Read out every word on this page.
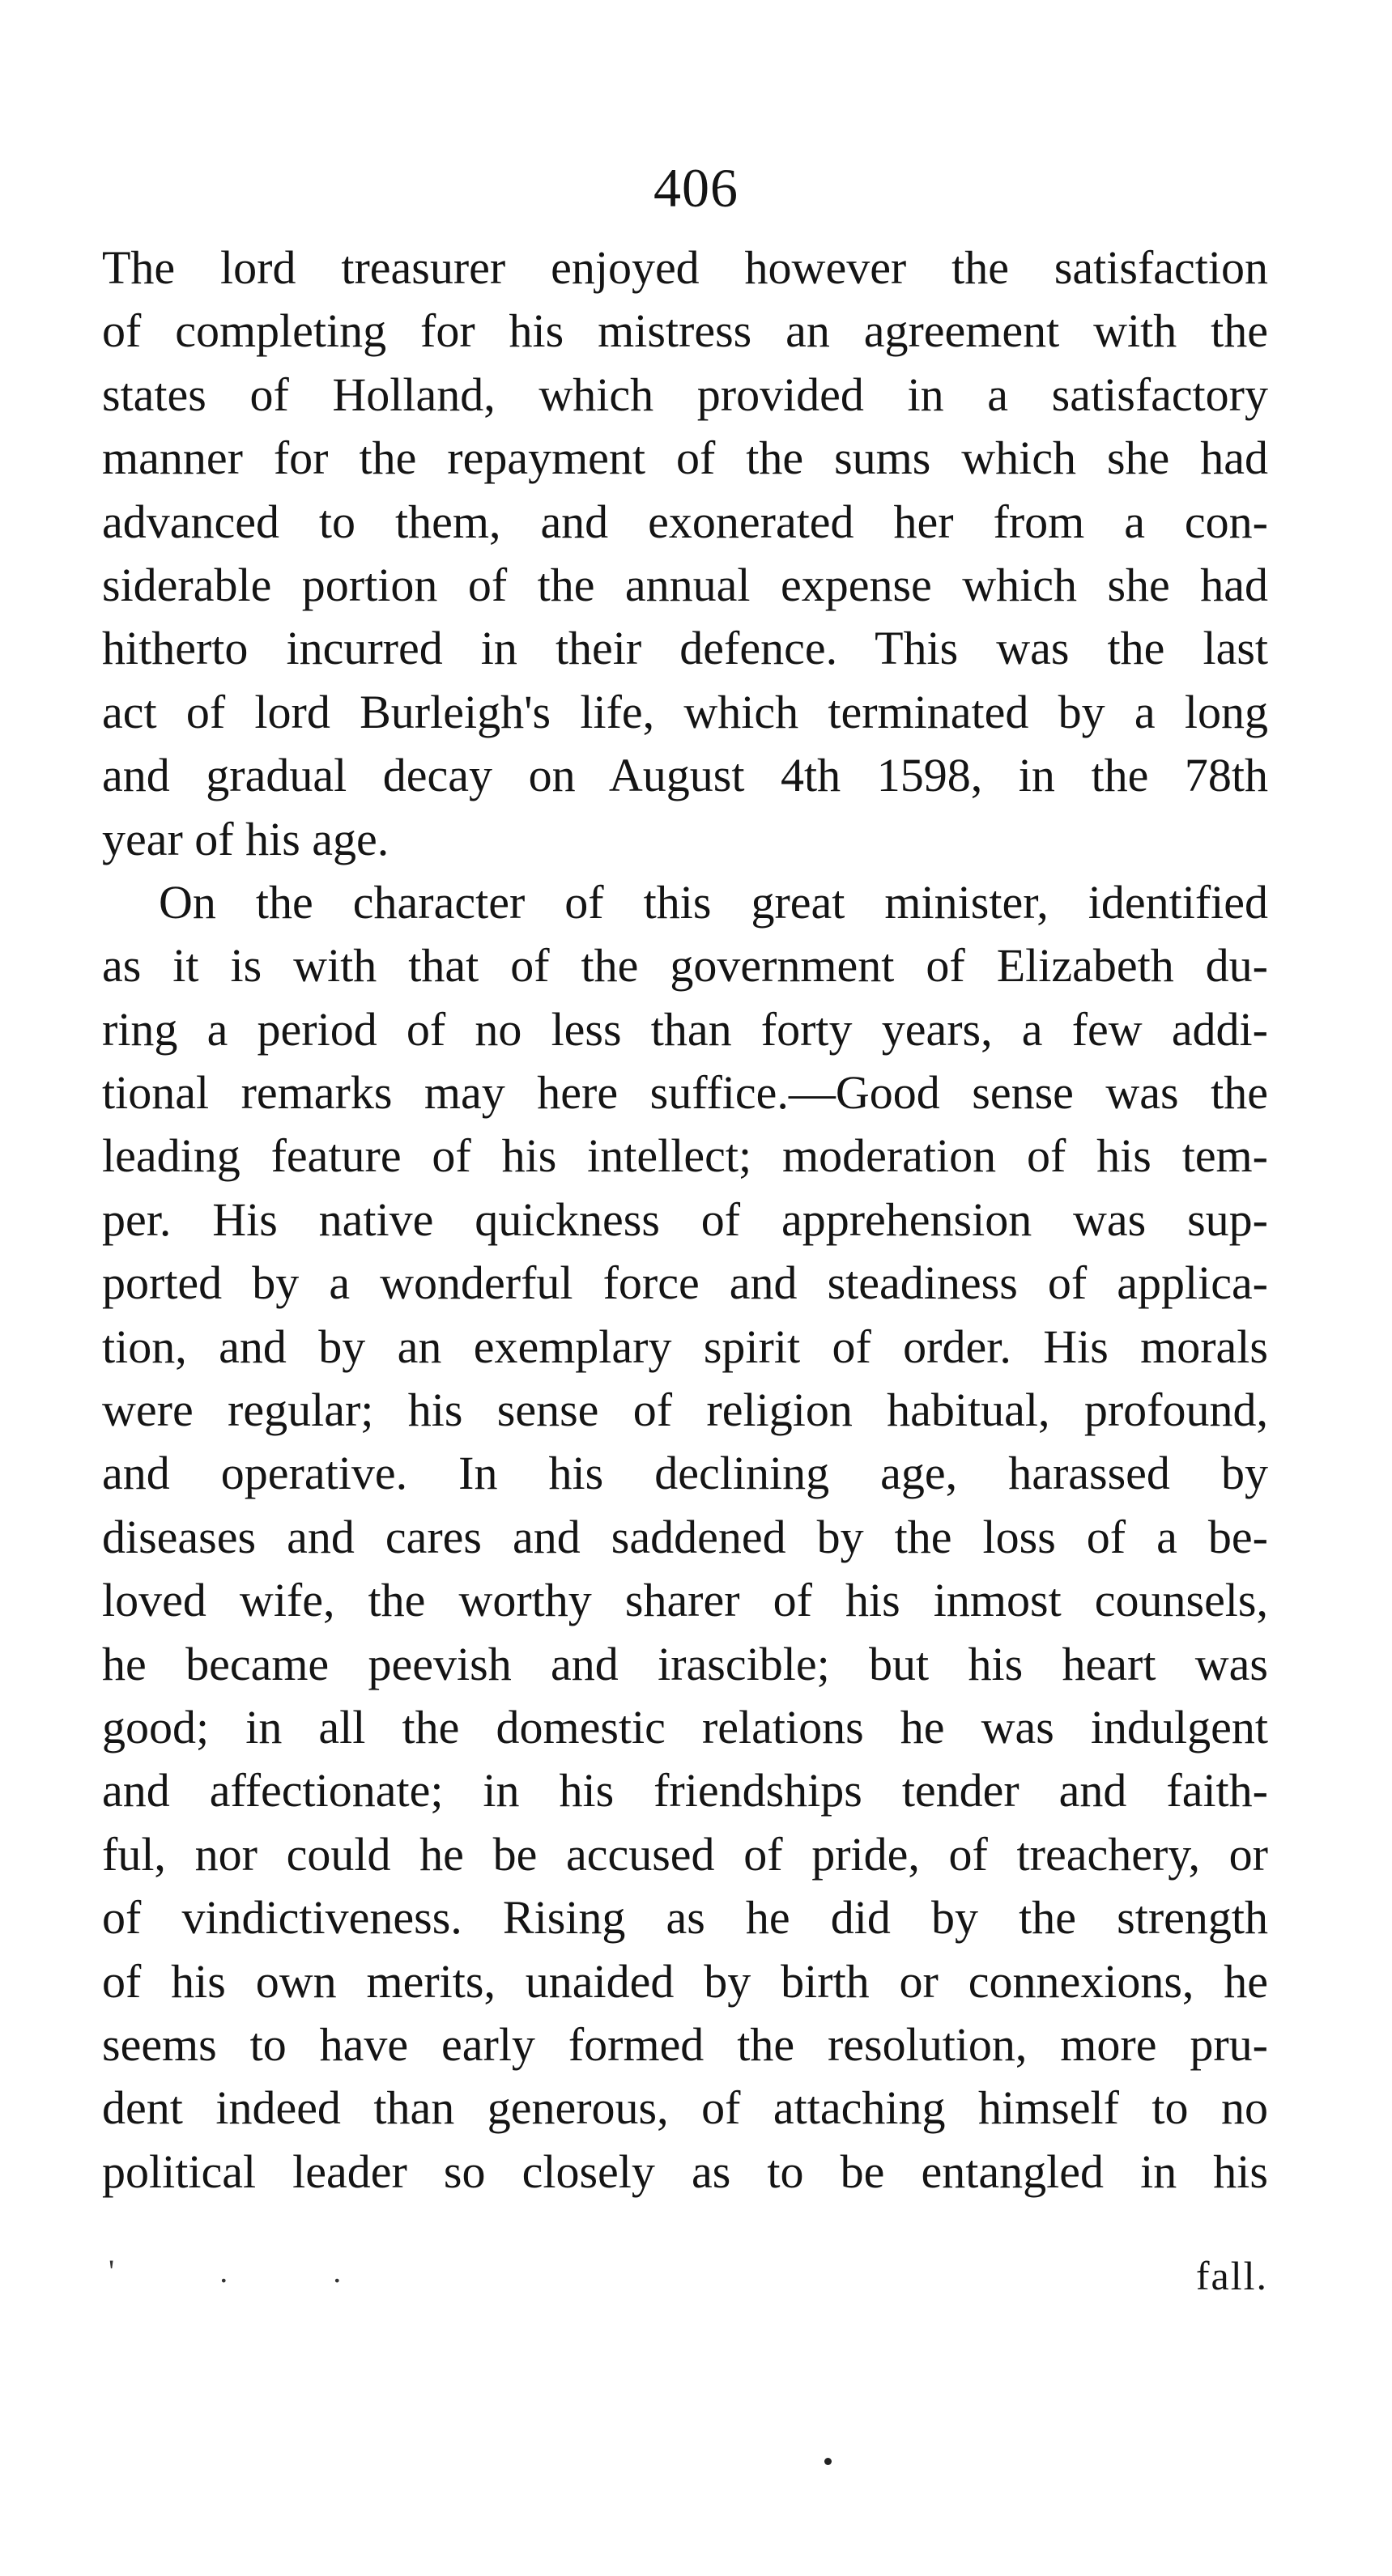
406
The lord treasurer enjoyed however the satisfaction
of completing for his mistress an agreement with the
states of Holland, which provided in a satisfactory
manner for the repayment of the sums which she had
advanced to them, and exonerated her from a con-
siderable portion of the annual expense which she had
hitherto incurred in their defence. This was the last
act of lord Burleigh's life, which terminated by a long
and gradual decay on August 4th 1598, in the 78th
year of his age.
On the character of this great minister, identified
as it is with that of the government of Elizabeth du-
ring a period of no less than forty years, a few addi-
tional remarks may here suffice.—Good sense was the
leading feature of his intellect; moderation of his tem-
per. His native quickness of apprehension was sup-
ported by a wonderful force and steadiness of applica-
tion, and by an exemplary spirit of order. His morals
were regular; his sense of religion habitual, profound,
and operative. In his declining age, harassed by
diseases and cares and saddened by the loss of a be-
loved wife, the worthy sharer of his inmost counsels,
he became peevish and irascible; but his heart was
good; in all the domestic relations he was indulgent
and affectionate; in his friendships tender and faith-
ful, nor could he be accused of pride, of treachery, or
of vindictiveness. Rising as he did by the strength
of his own merits, unaided by birth or connexions, he
seems to have early formed the resolution, more pru-
dent indeed than generous, of attaching himself to no
political leader so closely as to be entangled in his
' . .	fall.
